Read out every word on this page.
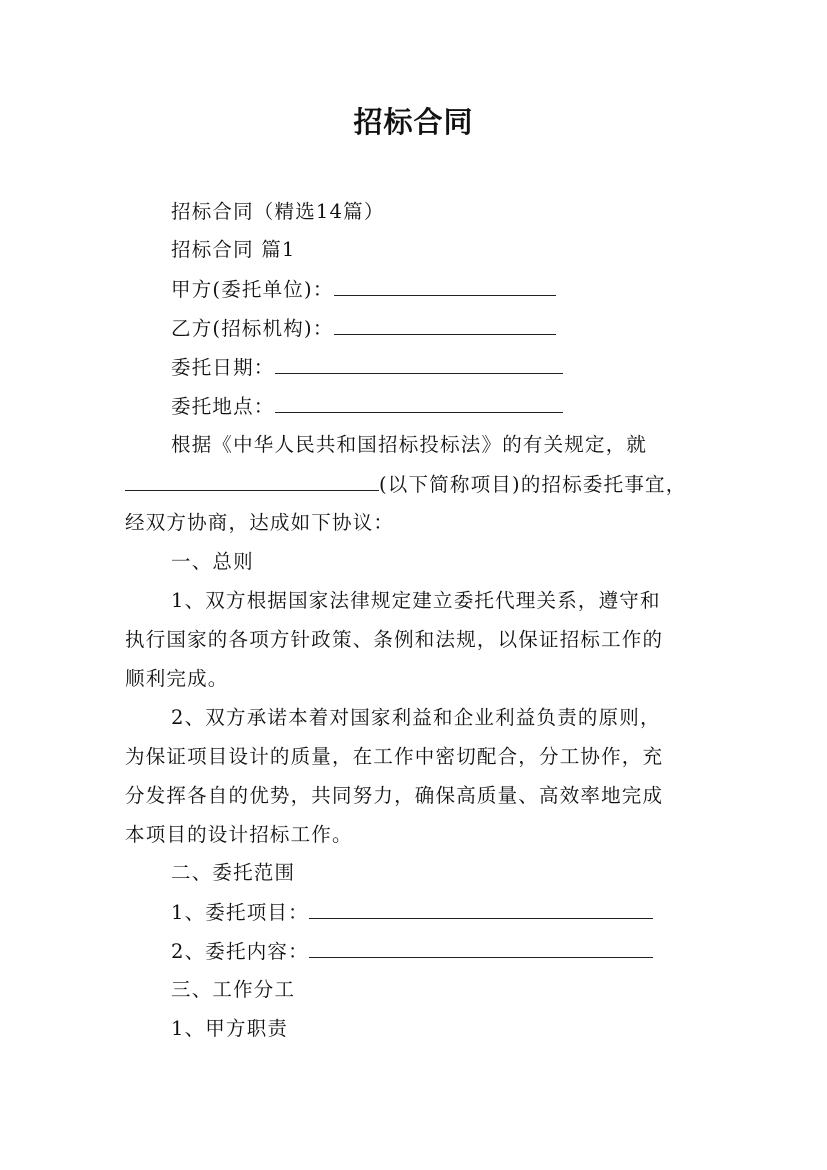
招标合同
招标合同（精选14篇）
招标合同 篇1
甲方(委托单位)：
乙方(招标机构)：
委托日期：
委托地点：
根据《中华人民共和国招标投标法》的有关规定，就
(以下简称项目)的招标委托事宜，
经双方协商，达成如下协议：
一、总则
1、双方根据国家法律规定建立委托代理关系，遵守和
执行国家的各项方针政策、条例和法规，以保证招标工作的
顺利完成。
2、双方承诺本着对国家利益和企业利益负责的原则，
为保证项目设计的质量，在工作中密切配合，分工协作，充
分发挥各自的优势，共同努力，确保高质量、高效率地完成
本项目的设计招标工作。
二、委托范围
1、委托项目：
2、委托内容：
三、工作分工
1、甲方职责
